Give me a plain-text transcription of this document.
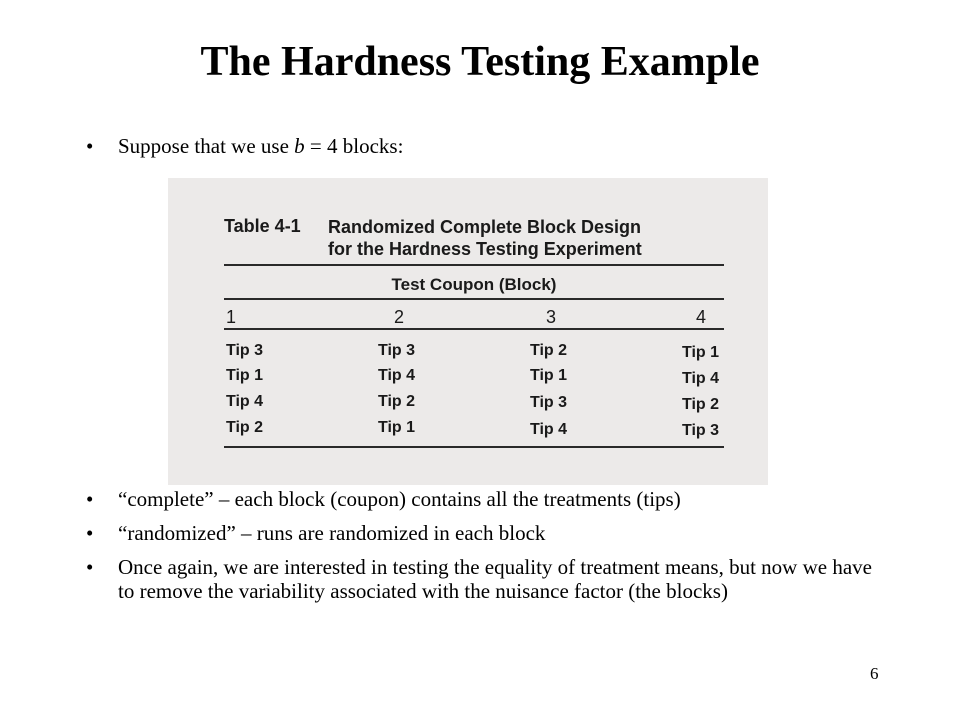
The Hardness Testing Example
• Suppose that we use b = 4 blocks:
Table 4-1 Randomized Complete Block Design
for the Hardness Testing Experiment
Test Coupon (Block)
1	2	3	4
Tip 3	Tip 3	Tip 2	Tip 1
Tip 1	Tip 4	Tip 1	Tip 4
Tip 4	Tip 2	Tip 3	Tip 2
Tip 2	Tip 1	Tip 4	Tip 3
• “complete” – each block (coupon) contains all the treatments (tips)
• “randomized” – runs are randomized in each block
• Once again, we are interested in testing the equality of treatment means, but now we have to remove the variability associated with the nuisance factor (the blocks)
6
